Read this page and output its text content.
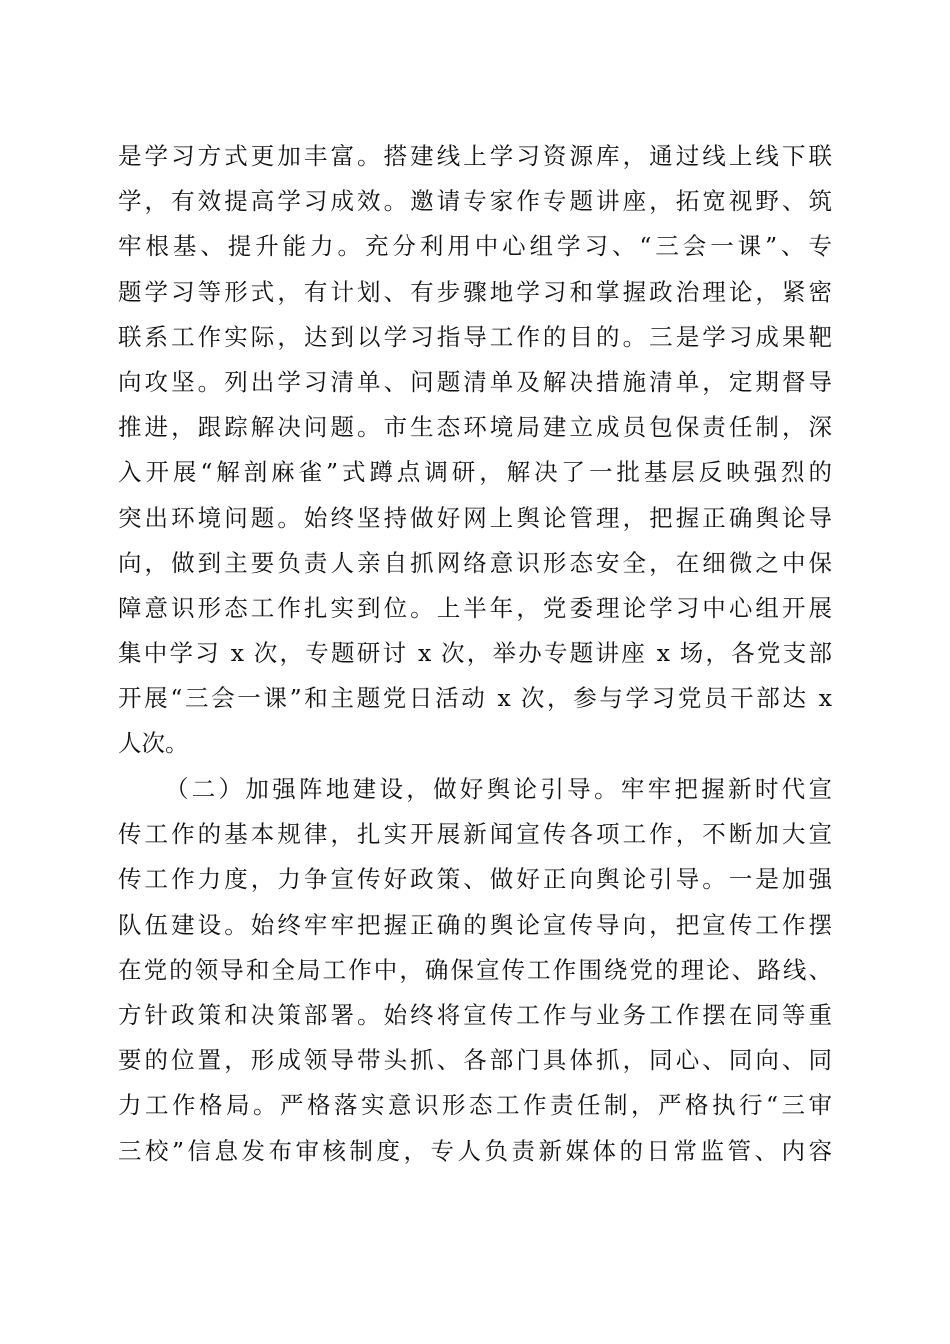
是学习方式更加丰富。搭建线上学习资源库，通过线上线下联
学，有效提高学习成效。邀请专家作专题讲座，拓宽视野、筑
牢根基、提升能力。充分利用中心组学习、“三会一课”、专
题学习等形式，有计划、有步骤地学习和掌握政治理论，紧密
联系工作实际，达到以学习指导工作的目的。三是学习成果靶
向攻坚。列出学习清单、问题清单及解决措施清单，定期督导
推进，跟踪解决问题。市生态环境局建立成员包保责任制，深
入开展“解剖麻雀”式蹲点调研，解决了一批基层反映强烈的
突出环境问题。始终坚持做好网上舆论管理，把握正确舆论导
向，做到主要负责人亲自抓网络意识形态安全，在细微之中保
障意识形态工作扎实到位。上半年，党委理论学习中心组开展
集中学习 x 次，专题研讨 x 次，举办专题讲座 x 场，各党支部
开展“三会一课”和主题党日活动 x 次，参与学习党员干部达 x
人次。
（二）加强阵地建设，做好舆论引导。牢牢把握新时代宣
传工作的基本规律，扎实开展新闻宣传各项工作，不断加大宣
传工作力度，力争宣传好政策、做好正向舆论引导。一是加强
队伍建设。始终牢牢把握正确的舆论宣传导向，把宣传工作摆
在党的领导和全局工作中，确保宣传工作围绕党的理论、路线、
方针政策和决策部署。始终将宣传工作与业务工作摆在同等重
要的位置，形成领导带头抓、各部门具体抓，同心、同向、同
力工作格局。严格落实意识形态工作责任制，严格执行“三审
三校”信息发布审核制度，专人负责新媒体的日常监管、内容
